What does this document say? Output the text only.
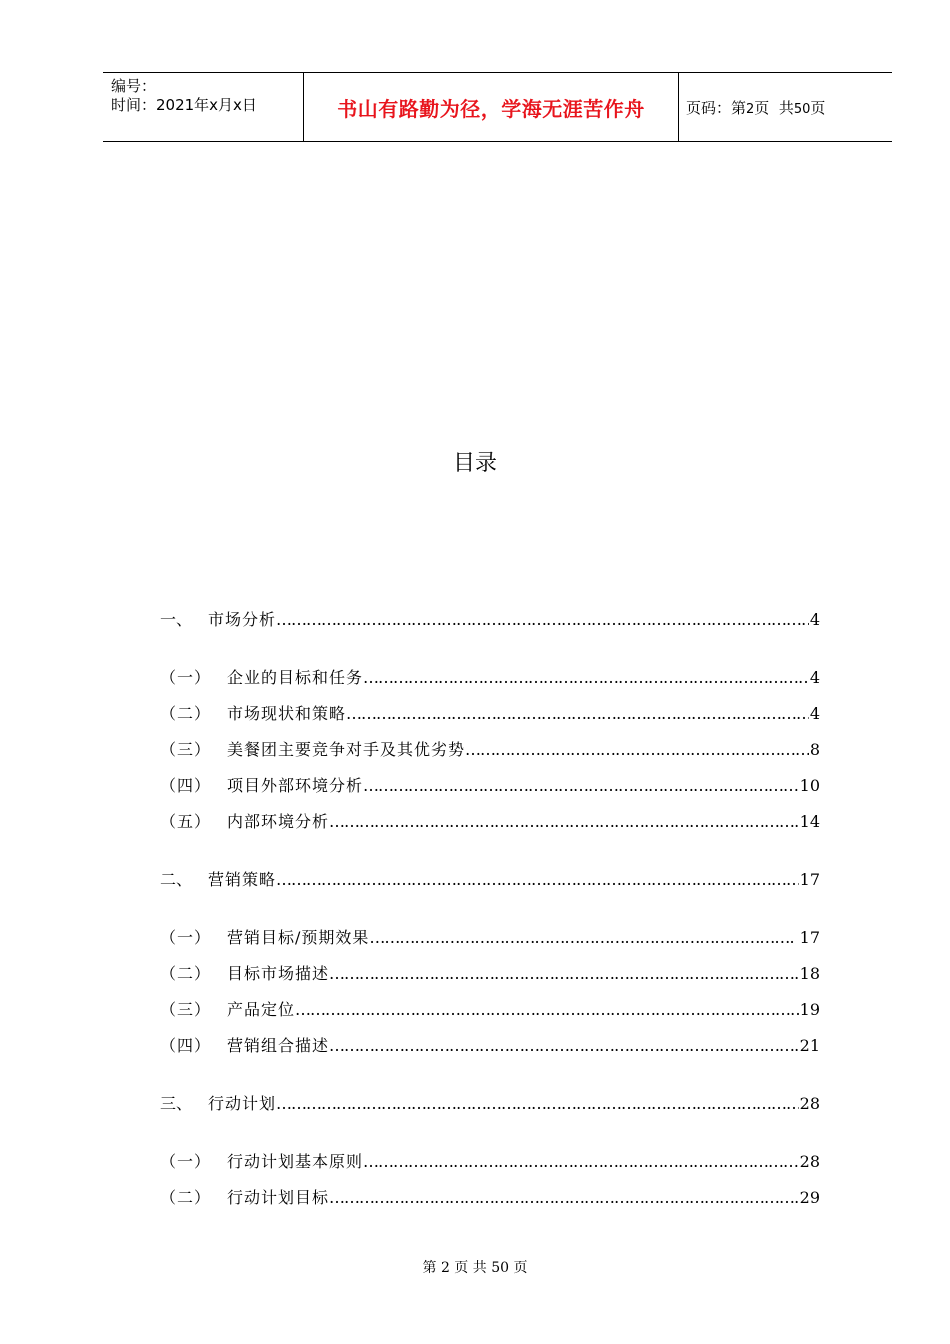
编号：
时间：2021年x月x日	书山有路勤为径，学海无涯苦作舟	页码：第2页  共50页
目录
一、 市场分析 …………………………………………………………………………………………………………………………………………………………………………………………	4
（一） 企业的目标和任务 …………………………………………………………………………………………………………………………………………………………………………………………	4
（二） 市场现状和策略 …………………………………………………………………………………………………………………………………………………………………………………………	4
（三） 美餐团主要竞争对手及其优劣势 …………………………………………………………………………………………………………………………………………………………………………………………	8
（四） 项目外部环境分析 …………………………………………………………………………………………………………………………………………………………………………………………	10
（五） 内部环境分析 …………………………………………………………………………………………………………………………………………………………………………………………	14
二、 营销策略 …………………………………………………………………………………………………………………………………………………………………………………………	17
（一） 营销目标/预期效果 …………………………………………………………………………………………………………………………………………………………………………………………	17
（二） 目标市场描述 …………………………………………………………………………………………………………………………………………………………………………………………	18
（三） 产品定位 …………………………………………………………………………………………………………………………………………………………………………………………	19
（四） 营销组合描述 …………………………………………………………………………………………………………………………………………………………………………………………	21
三、 行动计划 …………………………………………………………………………………………………………………………………………………………………………………………	28
（一） 行动计划基本原则 …………………………………………………………………………………………………………………………………………………………………………………………	28
（二） 行动计划目标 …………………………………………………………………………………………………………………………………………………………………………………………	29
第 2 页 共 50 页
